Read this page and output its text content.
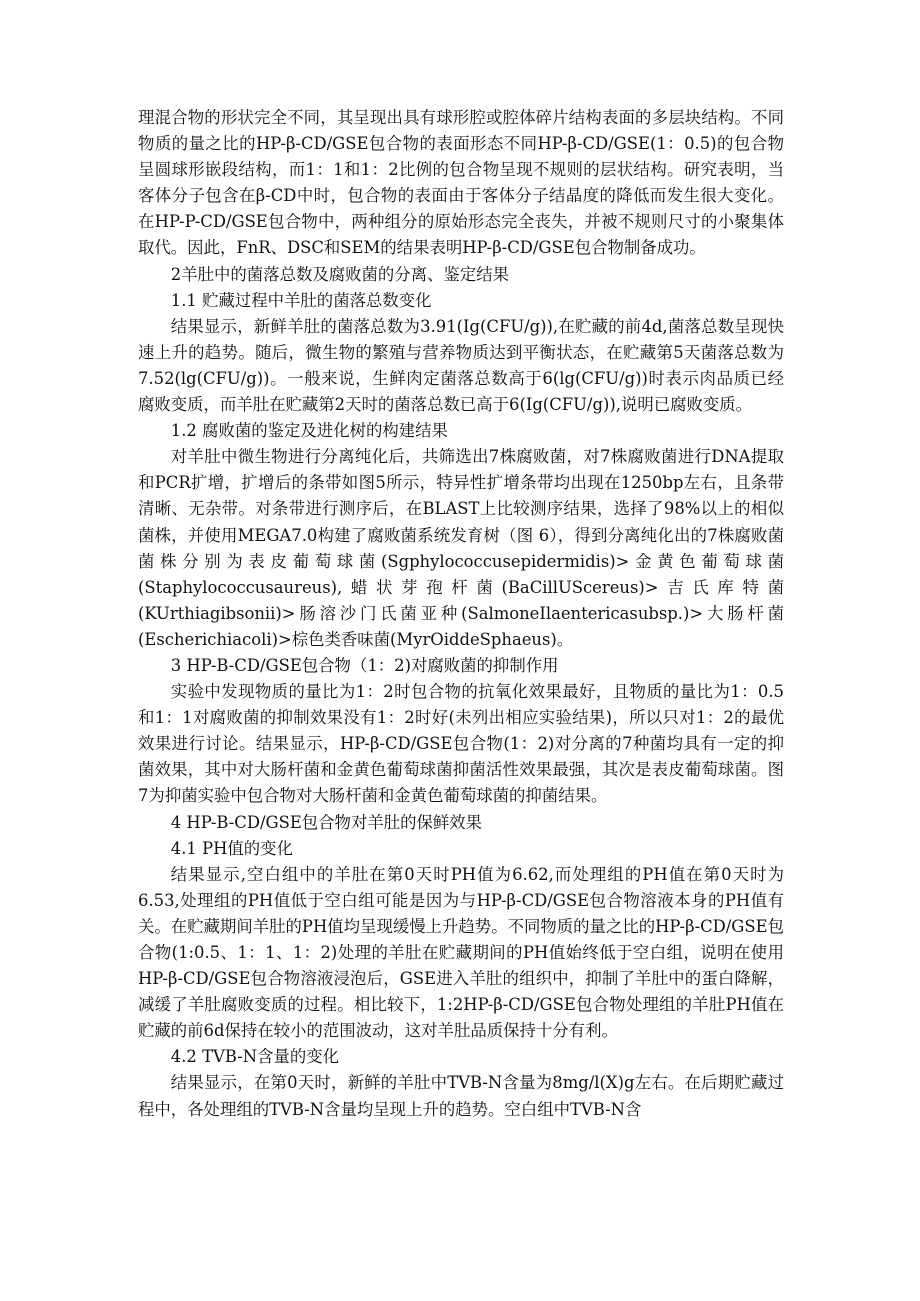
理混合物的形状完全不同，其呈现出具有球形腔或腔体碎片结构表面的多层块结构。不同物质的量之比的HP-β-CD/GSE包合物的表面形态不同HP-β-CD/GSE(1：0.5)的包合物呈圆球形嵌段结构，而1：1和1：2比例的包合物呈现不规则的层状结构。研究表明，当客体分子包含在β-CD中时，包合物的表面由于客体分子结晶度的降低而发生很大变化。在HP-P-CD/GSE包合物中，两种组分的原始形态完全丧失，并被不规则尺寸的小聚集体取代。因此，FnR、DSC和SEM的结果表明HP-β-CD/GSE包合物制备成功。

2羊肚中的菌落总数及腐败菌的分离、鉴定结果

1.1 贮藏过程中羊肚的菌落总数变化

结果显示，新鲜羊肚的菌落总数为3.91(Ig(CFU/g)),在贮藏的前4d,菌落总数呈现快速上升的趋势。随后，微生物的繁殖与营养物质达到平衡状态，在贮藏第5天菌落总数为7.52(lg(CFU/g))。一般来说，生鲜肉定菌落总数高于6(lg(CFU/g))时表示肉品质已经腐败变质，而羊肚在贮藏第2天时的菌落总数已高于6(Ig(CFU/g)),说明已腐败变质。

1.2 腐败菌的鉴定及进化树的构建结果

对羊肚中微生物进行分离纯化后，共筛选出7株腐败菌，对7株腐败菌进行DNA提取和PCR扩增，扩增后的条带如图5所示，特异性扩增条带均出现在1250bp左右，且条带清晰、无杂带。对条带进行测序后，在BLAST上比较测序结果，选择了98%以上的相似菌株，并使用MEGA7.0构建了腐败菌系统发育树（图 6），得到分离纯化出的7株腐败菌菌株分别为表皮葡萄球菌(Sgphylococcusepidermidis)>金黄色葡萄球菌(Staphylococcusaureus),蜡状芽孢杆菌(BaCillUScereus)>吉氏库特菌(KUrthiagibsonii)>肠溶沙门氏菌亚种(SalmoneIlaentericasubsp.)>大肠杆菌(Escherichiacoli)>棕色类香味菌(MyrOiddeSphaeus)。

3 HP-B-CD/GSE包合物（1：2)对腐败菌的抑制作用

实验中发现物质的量比为1：2时包合物的抗氧化效果最好，且物质的量比为1：0.5和1：1对腐败菌的抑制效果没有1：2时好(未列出相应实验结果)，所以只对1：2的最优效果进行讨论。结果显示，HP-β-CD/GSE包合物(1：2)对分离的7种菌均具有一定的抑菌效果，其中对大肠杆菌和金黄色葡萄球菌抑菌活性效果最强，其次是表皮葡萄球菌。图7为抑菌实验中包合物对大肠杆菌和金黄色葡萄球菌的抑菌结果。

4 HP-B-CD/GSE包合物对羊肚的保鲜效果

4.1 PH值的变化

结果显示,空白组中的羊肚在第0天时PH值为6.62,而处理组的PH值在第0天时为6.53,处理组的PH值低于空白组可能是因为与HP-β-CD/GSE包合物溶液本身的PH值有关。在贮藏期间羊肚的PH值均呈现缓慢上升趋势。不同物质的量之比的HP-β-CD/GSE包合物(1:0.5、1：1、1：2)处理的羊肚在贮藏期间的PH值始终低于空白组，说明在使用HP-β-CD/GSE包合物溶液浸泡后，GSE进入羊肚的组织中，抑制了羊肚中的蛋白降解，减缓了羊肚腐败变质的过程。相比较下，1:2HP-β-CD/GSE包合物处理组的羊肚PH值在贮藏的前6d保持在较小的范围波动，这对羊肚品质保持十分有利。

4.2 TVB-N含量的变化

结果显示，在第0天时，新鲜的羊肚中TVB-N含量为8mg/l(X)g左右。在后期贮藏过程中，各处理组的TVB-N含量均呈现上升的趋势。空白组中TVB-N含
